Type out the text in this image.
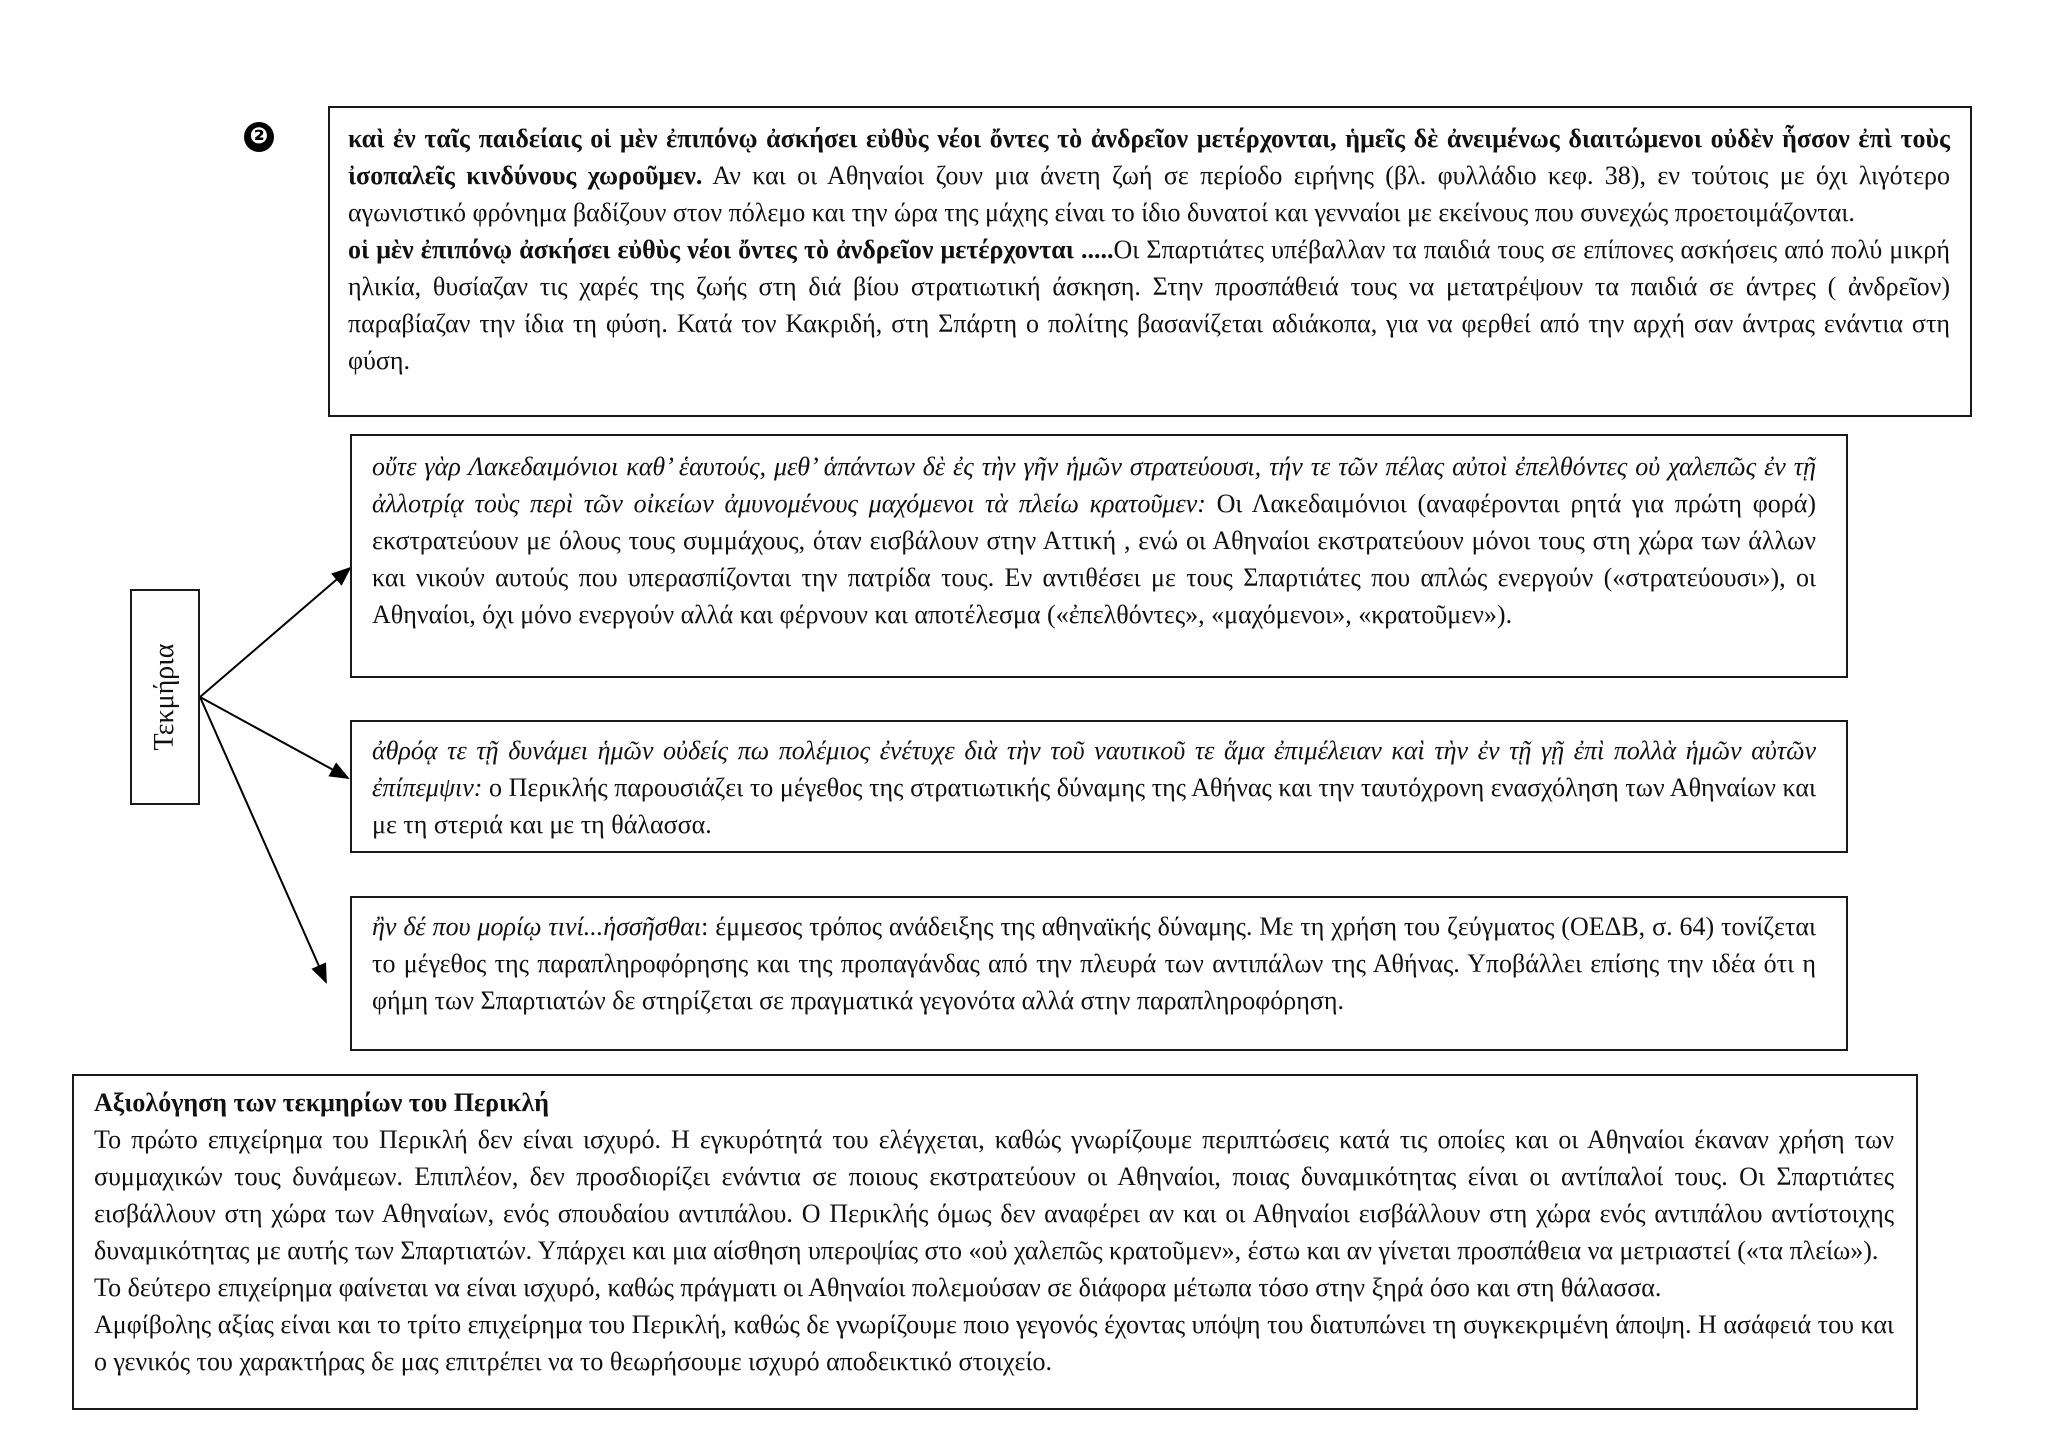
❷	καὶ ἐν ταῖς παιδείαις οἱ μὲν ἐπιπόνῳ ἀσκήσει εὐθὺς νέοι ὄντες τὸ ἀνδρεῖον μετέρχονται, ἡμεῖς δὲ ἀνειμένως διαιτώμενοι οὐδὲν ἧσσον ἐπὶ τοὺς ἰσοπαλεῖς κινδύνους χωροῦμεν. Αν και οι Αθηναίοι ζουν μια άνετη ζωή σε περίοδο ειρήνης (βλ. φυλλάδιο κεφ. 38), εν τούτοις με όχι λιγότερο αγωνιστικό φρόνημα βαδίζουν στον πόλεμο και την ώρα της μάχης είναι το ίδιο δυνατοί και γενναίοι με εκείνους που συνεχώς προετοιμάζονται.
οἱ μὲν ἐπιπόνῳ ἀσκήσει εὐθὺς νέοι ὄντες τὸ ἀνδρεῖον μετέρχονται .....Οι Σπαρτιάτες υπέβαλλαν τα παιδιά τους σε επίπονες ασκήσεις από πολύ μικρή ηλικία, θυσίαζαν τις χαρές της ζωής στη διά βίου στρατιωτική άσκηση. Στην προσπάθειά τους να μετατρέψουν τα παιδιά σε άντρες ( ἀνδρεῖον) παραβίαζαν την ίδια τη φύση. Κατά τον Κακριδή, στη Σπάρτη ο πολίτης βασανίζεται αδιάκοπα, για να φερθεί από την αρχή σαν άντρας ενάντια στη φύση.
Τεκμήρια
οὔτε γὰρ Λακεδαιμόνιοι καθ’ ἑαυτούς, μεθ’ ἁπάντων δὲ ἐς τὴν γῆν ἡμῶν στρατεύουσι, τήν τε τῶν πέλας αὐτοὶ ἐπελθόντες οὐ χαλεπῶς ἐν τῇ ἀλλοτρίᾳ τοὺς περὶ τῶν οἰκείων ἀμυνομένους μαχόμενοι τὰ πλείω κρατοῦμεν: Οι Λακεδαιμόνιοι (αναφέρονται ρητά για πρώτη φορά) εκστρατεύουν με όλους τους συμμάχους, όταν εισβάλουν στην Αττική , ενώ οι Αθηναίοι εκστρατεύουν μόνοι τους στη χώρα των άλλων και νικούν αυτούς που υπερασπίζονται την πατρίδα τους. Εν αντιθέσει με τους Σπαρτιάτες που απλώς ενεργούν («στρατεύουσι»), οι Αθηναίοι, όχι μόνο ενεργούν αλλά και φέρνουν και αποτέλεσμα («ἐπελθόντες», «μαχόμενοι», «κρατοῦμεν»).
ἀθρόᾳ τε τῇ δυνάμει ἡμῶν οὐδείς πω πολέμιος ἐνέτυχε διὰ τὴν τοῦ ναυτικοῦ τε ἅμα ἐπιμέλειαν καὶ τὴν ἐν τῇ γῇ ἐπὶ πολλὰ ἡμῶν αὐτῶν ἐπίπεμψιν: ο Περικλής παρουσιάζει το μέγεθος της στρατιωτικής δύναμης της Αθήνας και την ταυτόχρονη ενασχόληση των Αθηναίων και με τη στεριά και με τη θάλασσα.
ἢν δέ που μορίῳ τινί...ἡσσῆσθαι: έμμεσος τρόπος ανάδειξης της αθηναϊκής δύναμης. Με τη χρήση του ζεύγματος (ΟΕΔΒ, σ. 64) τονίζεται το μέγεθος της παραπληροφόρησης και της προπαγάνδας από την πλευρά των αντιπάλων της Αθήνας. Υποβάλλει επίσης την ιδέα ότι η φήμη των Σπαρτιατών δε στηρίζεται σε πραγματικά γεγονότα αλλά στην παραπληροφόρηση.
Αξιολόγηση των τεκμηρίων του Περικλή
Το πρώτο επιχείρημα του Περικλή δεν είναι ισχυρό. Η εγκυρότητά του ελέγχεται, καθώς γνωρίζουμε περιπτώσεις κατά τις οποίες και οι Αθηναίοι έκαναν χρήση των συμμαχικών τους δυνάμεων. Επιπλέον, δεν προσδιορίζει ενάντια σε ποιους εκστρατεύουν οι Αθηναίοι, ποιας δυναμικότητας είναι οι αντίπαλοί τους. Οι Σπαρτιάτες εισβάλλουν στη χώρα των Αθηναίων, ενός σπουδαίου αντιπάλου. Ο Περικλής όμως δεν αναφέρει αν και οι Αθηναίοι εισβάλλουν στη χώρα ενός αντιπάλου αντίστοιχης δυναμικότητας με αυτής των Σπαρτιατών. Υπάρχει και μια αίσθηση υπεροψίας στο «οὐ χαλεπῶς κρατοῦμεν», έστω και αν γίνεται προσπάθεια να μετριαστεί («τα πλείω»).
Το δεύτερο επιχείρημα φαίνεται να είναι ισχυρό, καθώς πράγματι οι Αθηναίοι πολεμούσαν σε διάφορα μέτωπα τόσο στην ξηρά όσο και στη θάλασσα.
Αμφίβολης αξίας είναι και το τρίτο επιχείρημα του Περικλή, καθώς δε γνωρίζουμε ποιο γεγονός έχοντας υπόψη του διατυπώνει τη συγκεκριμένη άποψη. Η ασάφειά του και ο γενικός του χαρακτήρας δε μας επιτρέπει να το θεωρήσουμε ισχυρό αποδεικτικό στοιχείο.
